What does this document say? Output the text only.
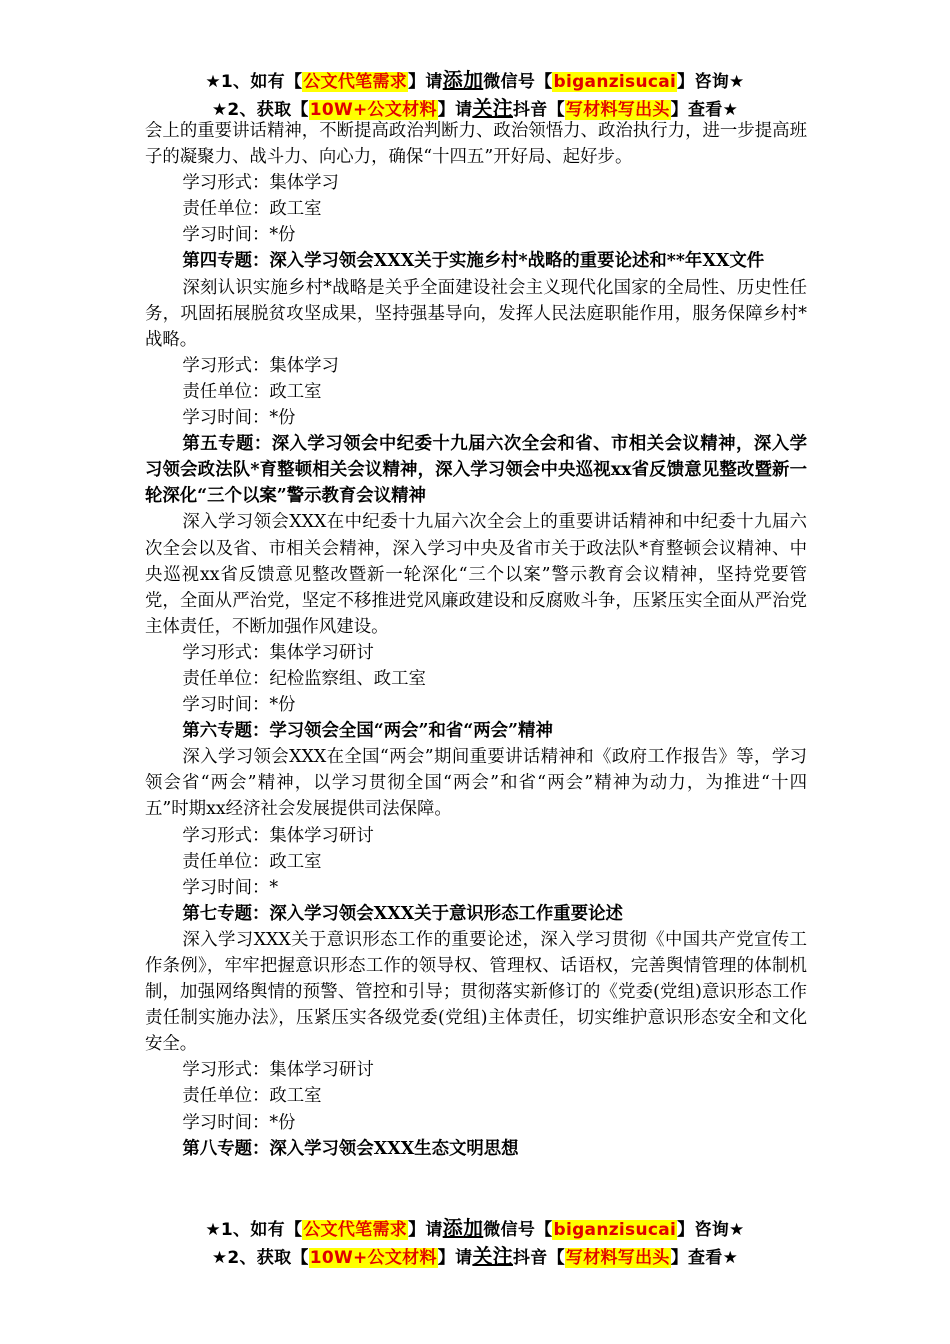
★1、如有【公文代笔需求】请添加微信号【biganzisucai】咨询★
★2、获取【10W+公文材料】请关注抖音【写材料写出头】查看★

会上的重要讲话精神，不断提高政治判断力、政治领悟力、政治执行力，进一步提高班子的凝聚力、战斗力、向心力，确保“十四五”开好局、起好步。

学习形式：集体学习

责任单位：政工室

学习时间：*份

第四专题：深入学习领会XXX关于实施乡村*战略的重要论述和**年XX文件

深刻认识实施乡村*战略是关乎全面建设社会主义现代化国家的全局性、历史性任务，巩固拓展脱贫攻坚成果，坚持强基导向，发挥人民法庭职能作用，服务保障乡村*战略。

学习形式：集体学习

责任单位：政工室

学习时间：*份

第五专题：深入学习领会中纪委十九届六次全会和省、市相关会议精神，深入学习领会政法队*育整顿相关会议精神，深入学习领会中央巡视xx省反馈意见整改暨新一轮深化“三个以案”警示教育会议精神

深入学习领会XXX在中纪委十九届六次全会上的重要讲话精神和中纪委十九届六次全会以及省、市相关会精神，深入学习中央及省市关于政法队*育整顿会议精神、中央巡视xx省反馈意见整改暨新一轮深化“三个以案”警示教育会议精神，坚持党要管党，全面从严治党，坚定不移推进党风廉政建设和反腐败斗争，压紧压实全面从严治党主体责任，不断加强作风建设。

学习形式：集体学习研讨

责任单位：纪检监察组、政工室

学习时间：*份

第六专题：学习领会全国“两会”和省“两会”精神

深入学习领会XXX在全国“两会”期间重要讲话精神和《政府工作报告》等，学习领会省“两会”精神，以学习贯彻全国“两会”和省“两会”精神为动力，为推进“十四五”时期xx经济社会发展提供司法保障。

学习形式：集体学习研讨

责任单位：政工室

学习时间：*

第七专题：深入学习领会XXX关于意识形态工作重要论述

深入学习XXX关于意识形态工作的重要论述，深入学习贯彻《中国共产党宣传工作条例》，牢牢把握意识形态工作的领导权、管理权、话语权，完善舆情管理的体制机制，加强网络舆情的预警、管控和引导；贯彻落实新修订的《党委(党组)意识形态工作责任制实施办法》，压紧压实各级党委(党组)主体责任，切实维护意识形态安全和文化安全。

学习形式：集体学习研讨

责任单位：政工室

学习时间：*份

第八专题：深入学习领会XXX生态文明思想

★1、如有【公文代笔需求】请添加微信号【biganzisucai】咨询★
★2、获取【10W+公文材料】请关注抖音【写材料写出头】查看★
